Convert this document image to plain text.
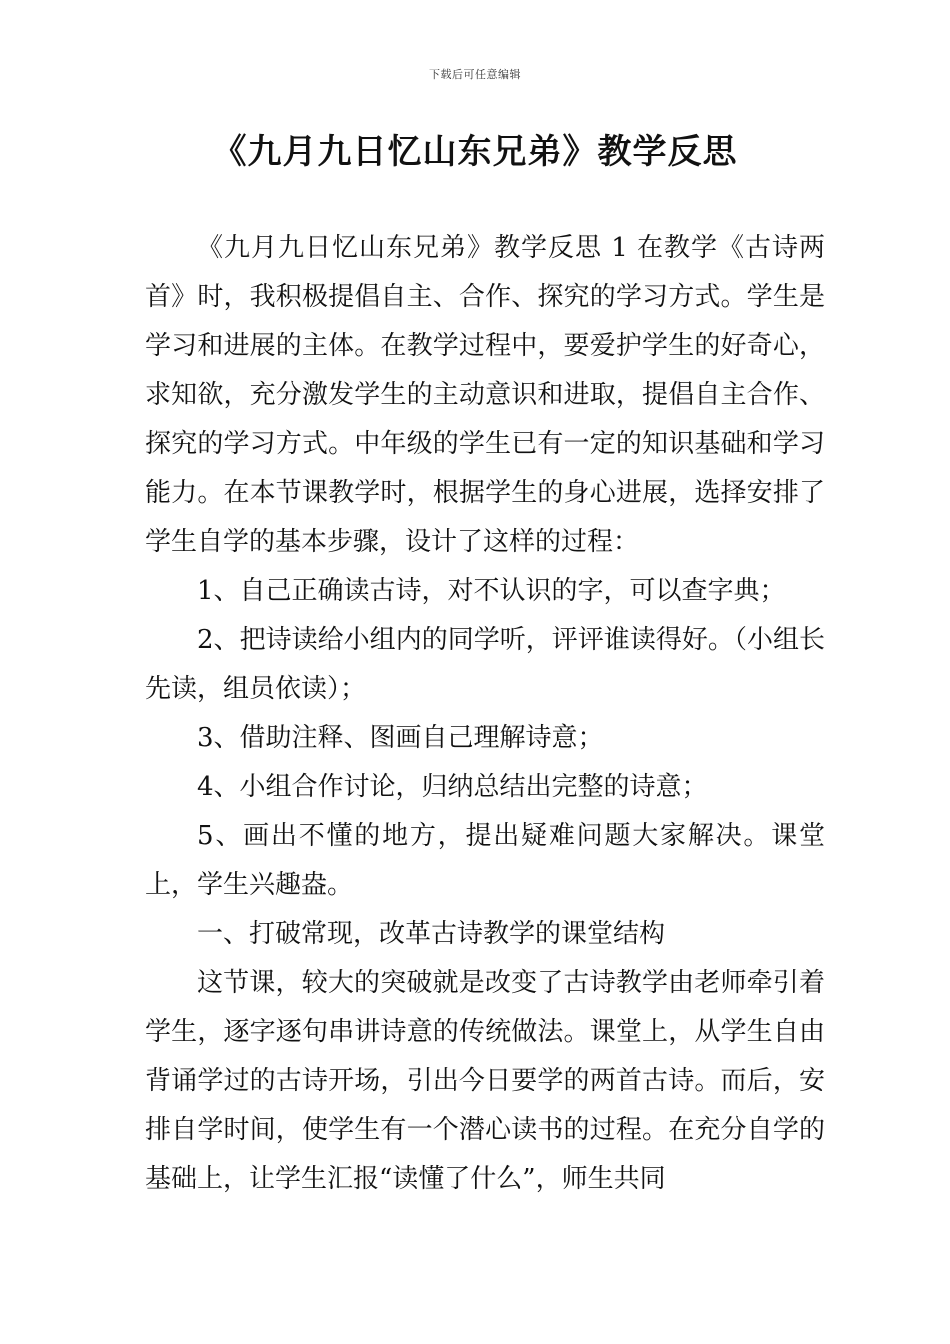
下载后可任意编辑
《九月九日忆山东兄弟》教学反思

《九月九日忆山东兄弟》教学反思 1 在教学《古诗两首》时，我积极提倡自主、合作、探究的学习方式。学生是学习和进展的主体。在教学过程中，要爱护学生的好奇心，求知欲，充分激发学生的主动意识和进取，提倡自主合作、探究的学习方式。中年级的学生已有一定的知识基础和学习能力。在本节课教学时，根据学生的身心进展，选择安排了学生自学的基本步骤，设计了这样的过程：

1、自己正确读古诗，对不认识的字，可以查字典；

2、把诗读给小组内的同学听，评评谁读得好。（小组长先读，组员依读）；

3、借助注释、图画自己理解诗意；

4、小组合作讨论，归纳总结出完整的诗意；

5、画出不懂的地方，提出疑难问题大家解决。课堂上，学生兴趣盎。

一、打破常现，改革古诗教学的课堂结构

这节课，较大的突破就是改变了古诗教学由老师牵引着学生，逐字逐句串讲诗意的传统做法。课堂上，从学生自由背诵学过的古诗开场，引出今日要学的两首古诗。而后，安排自学时间，使学生有一个潜心读书的过程。在充分自学的基础上，让学生汇报“读懂了什么”，师生共同
